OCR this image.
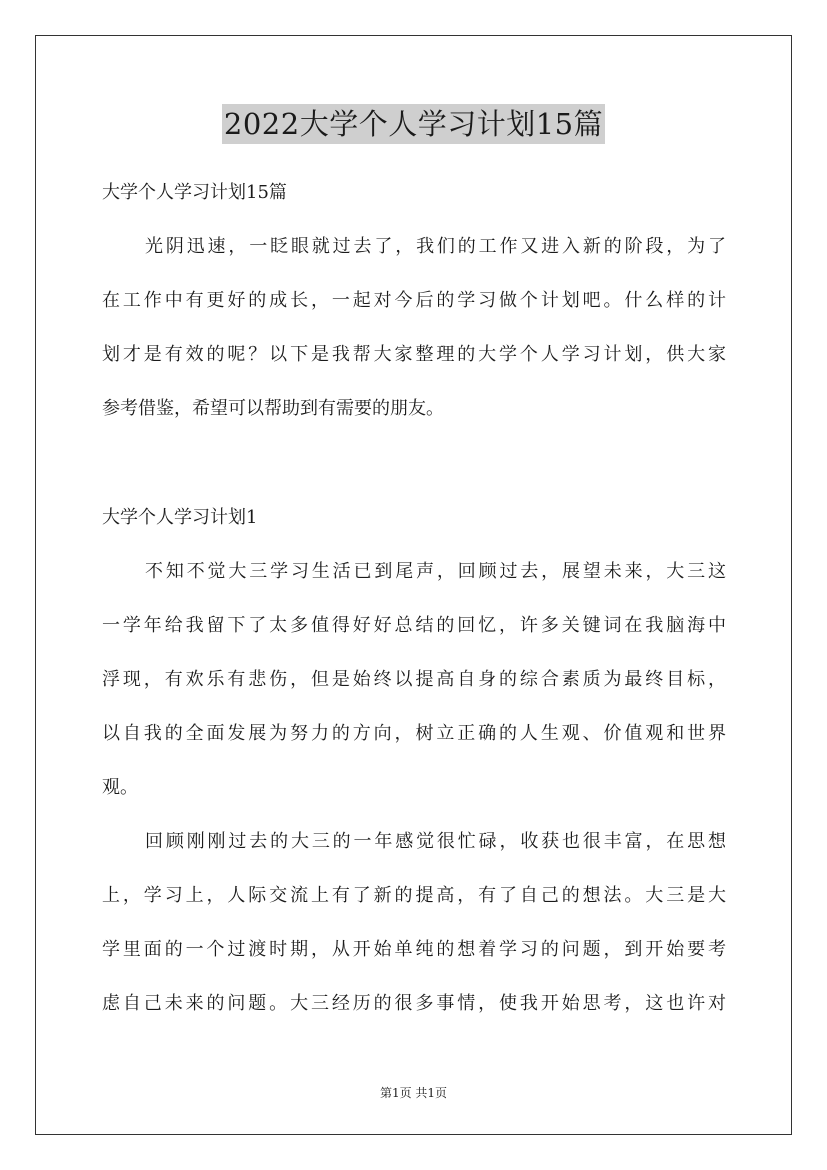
2022大学个人学习计划15篇
大学个人学习计划15篇
光阴迅速，一眨眼就过去了，我们的工作又进入新的阶段，为了
在工作中有更好的成长，一起对今后的学习做个计划吧。什么样的计
划才是有效的呢？以下是我帮大家整理的大学个人学习计划，供大家
参考借鉴，希望可以帮助到有需要的朋友。
大学个人学习计划1
不知不觉大三学习生活已到尾声，回顾过去，展望未来，大三这
一学年给我留下了太多值得好好总结的回忆，许多关键词在我脑海中
浮现，有欢乐有悲伤，但是始终以提高自身的综合素质为最终目标，
以自我的全面发展为努力的方向，树立正确的人生观、价值观和世界
观。
回顾刚刚过去的大三的一年感觉很忙碌，收获也很丰富，在思想
上，学习上，人际交流上有了新的提高，有了自己的想法。大三是大
学里面的一个过渡时期，从开始单纯的想着学习的问题，到开始要考
虑自己未来的问题。大三经历的很多事情，使我开始思考，这也许对
第1页 共1页
